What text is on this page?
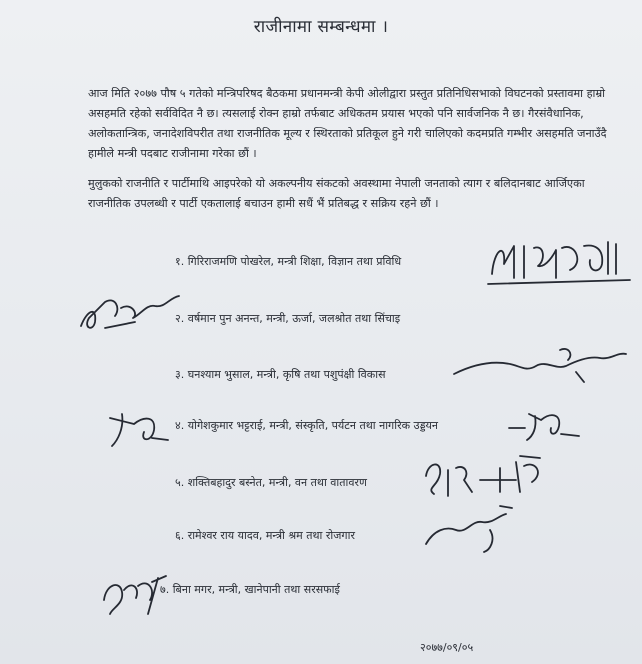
राजीनामा सम्बन्धमा ।

आज मिति २०७७ पौष ५ गतेको मन्त्रिपरिषद बैठकमा प्रधानमन्त्री केपी ओलीद्वारा प्रस्तुत प्रतिनिधिसभाको विघटनको प्रस्तावमा हाम्रो असहमति रहेको सर्वविदित नै छ। त्यसलाई रोक्न हाम्रो तर्फबाट अधिकतम प्रयास भएको पनि सार्वजनिक नै छ। गैरसंवैधानिक, अलोकतान्त्रिक, जनादेशविपरीत तथा राजनीतिक मूल्य र स्थिरताको प्रतिकूल हुने गरी चालिएको कदमप्रति गम्भीर असहमति जनाउँदै हामीले मन्त्री पदबाट राजीनामा गरेका छौं ।

मुलुकको राजनीति र पार्टीमाथि आइपरेको यो अकल्पनीय संकटको अवस्थामा नेपाली जनताको त्याग र बलिदानबाट आर्जिएका राजनीतिक उपलब्धी र पार्टी एकतालाई बचाउन हामी सधैं भैं प्रतिबद्ध र सक्रिय रहने छौं ।

१. गिरिराजमणि पोखरेल, मन्त्री शिक्षा, विज्ञान तथा प्रविधि
२. वर्षमान पुन अनन्त, मन्त्री, ऊर्जा, जलश्रोत तथा सिंचाइ
३. घनश्याम भुसाल, मन्त्री, कृषि तथा पशुपंक्षी विकास
४. योगेशकुमार भट्टराई, मन्त्री, संस्कृति, पर्यटन तथा नागरिक उड्डयन
५. शक्तिबहादुर बस्नेत, मन्त्री, वन तथा वातावरण
६. रामेश्वर राय यादव, मन्त्री श्रम तथा रोजगार
७. बिना मगर, मन्त्री, खानेपानी तथा सरसफाई
२०७७/०९/०५
